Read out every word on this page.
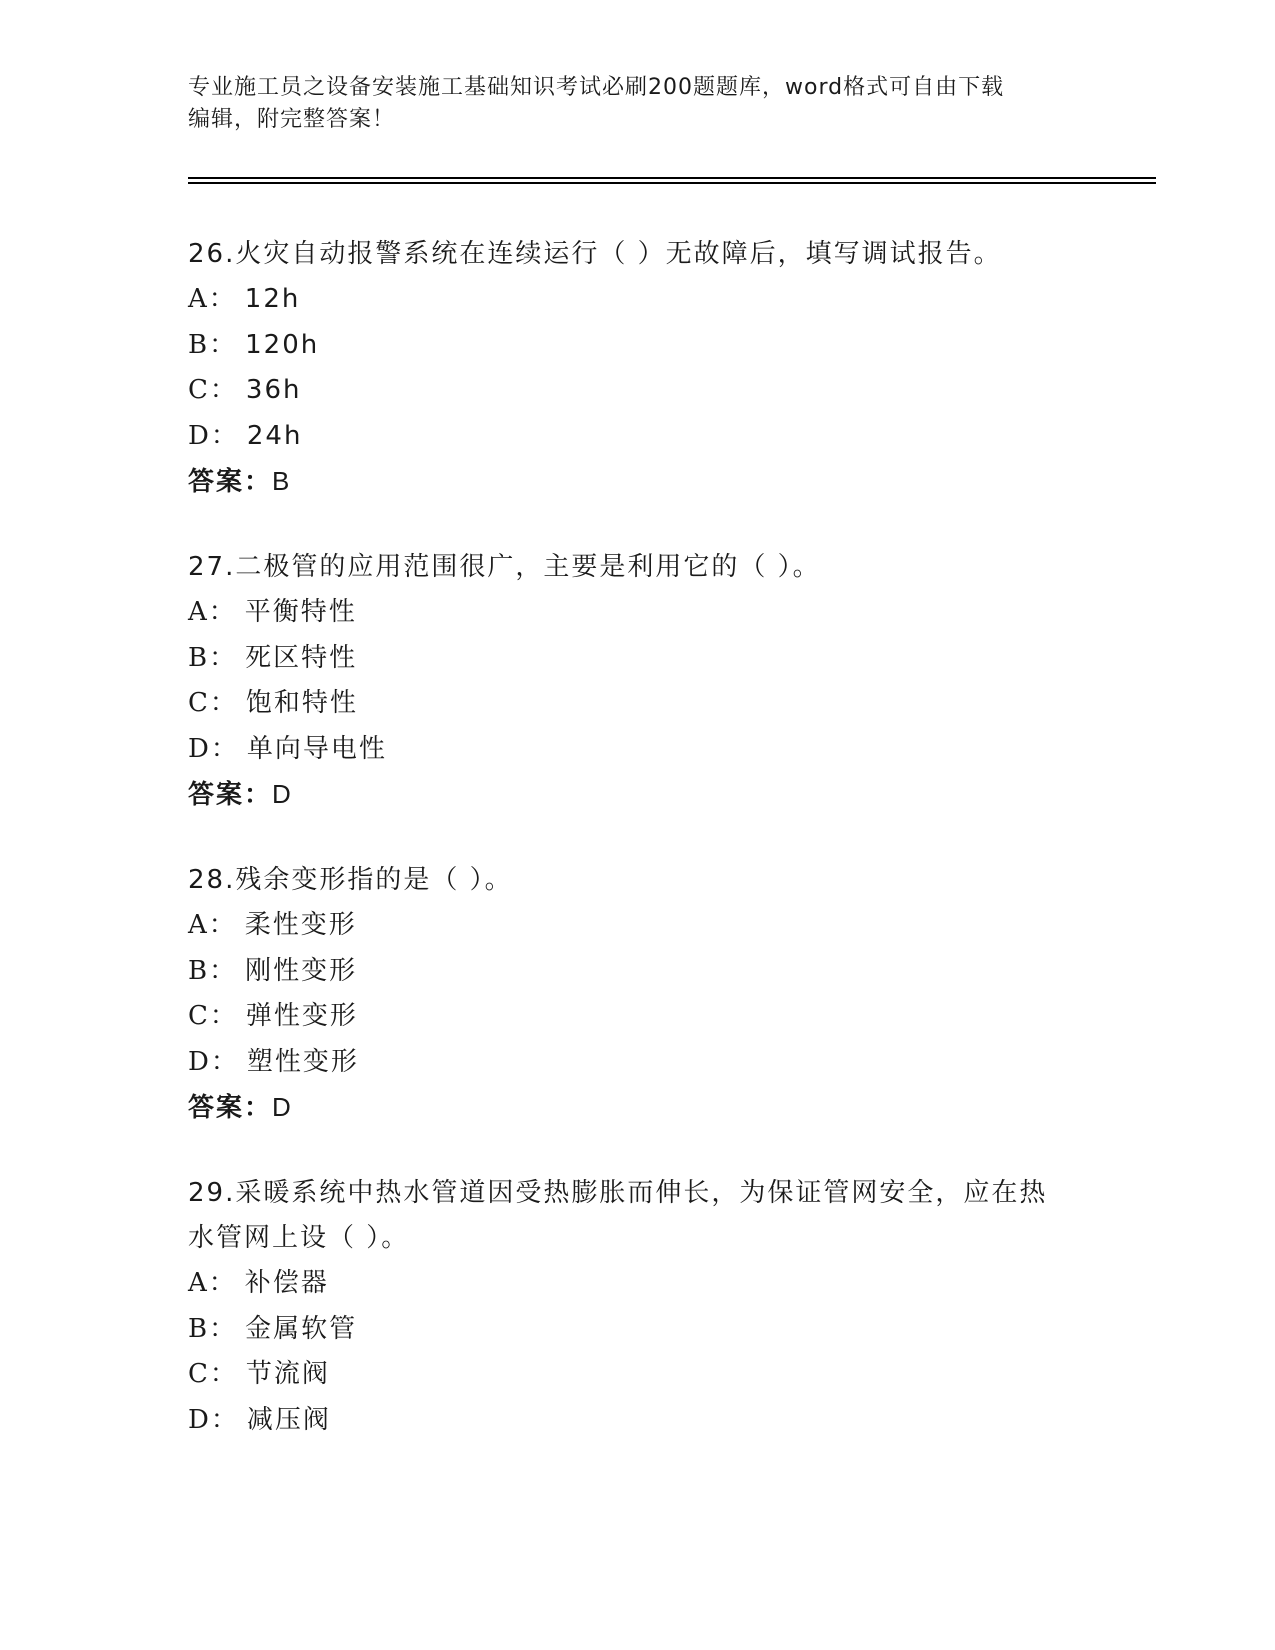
专业施工员之设备安装施工基础知识考试必刷200题题库，word格式可自由下载
编辑，附完整答案！
26.火灾自动报警系统在连续运行（ ）无故障后，填写调试报告。
A： 12h
B： 120h
C： 36h
D： 24h
答案：B
27.二极管的应用范围很广，主要是利用它的（ ）。
A： 平衡特性
B： 死区特性
C： 饱和特性
D： 单向导电性
答案：D
28.残余变形指的是（ ）。
A： 柔性变形
B： 刚性变形
C： 弹性变形
D： 塑性变形
答案：D
29.采暖系统中热水管道因受热膨胀而伸长，为保证管网安全，应在热
水管网上设（ ）。
A： 补偿器
B： 金属软管
C： 节流阀
D： 减压阀
